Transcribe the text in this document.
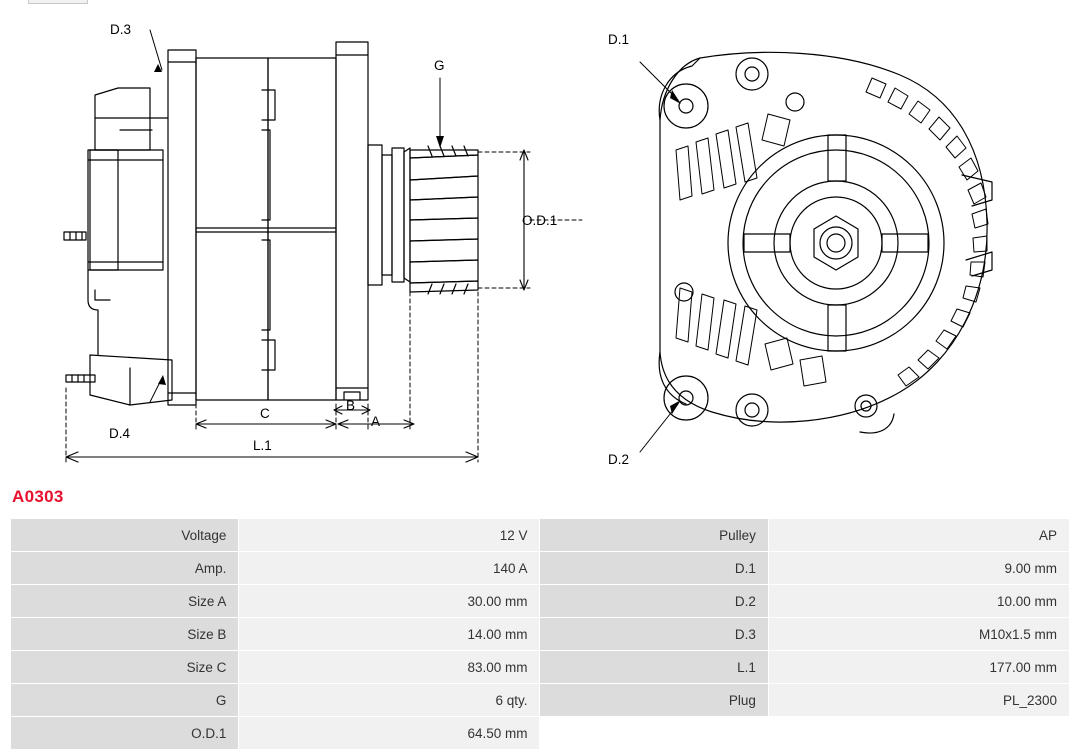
D.3
D.4
G
O.D.1
A
B
C
L.1
D.1
D.2
A0303
Voltage	12 V	Pulley	AP
Amp.	140 A	D.1	9.00 mm
Size A	30.00 mm	D.2	10.00 mm
Size B	14.00 mm	D.3	M10x1.5 mm
Size C	83.00 mm	L.1	177.00 mm
G	6 qty.	Plug	PL_2300
O.D.1	64.50 mm		
